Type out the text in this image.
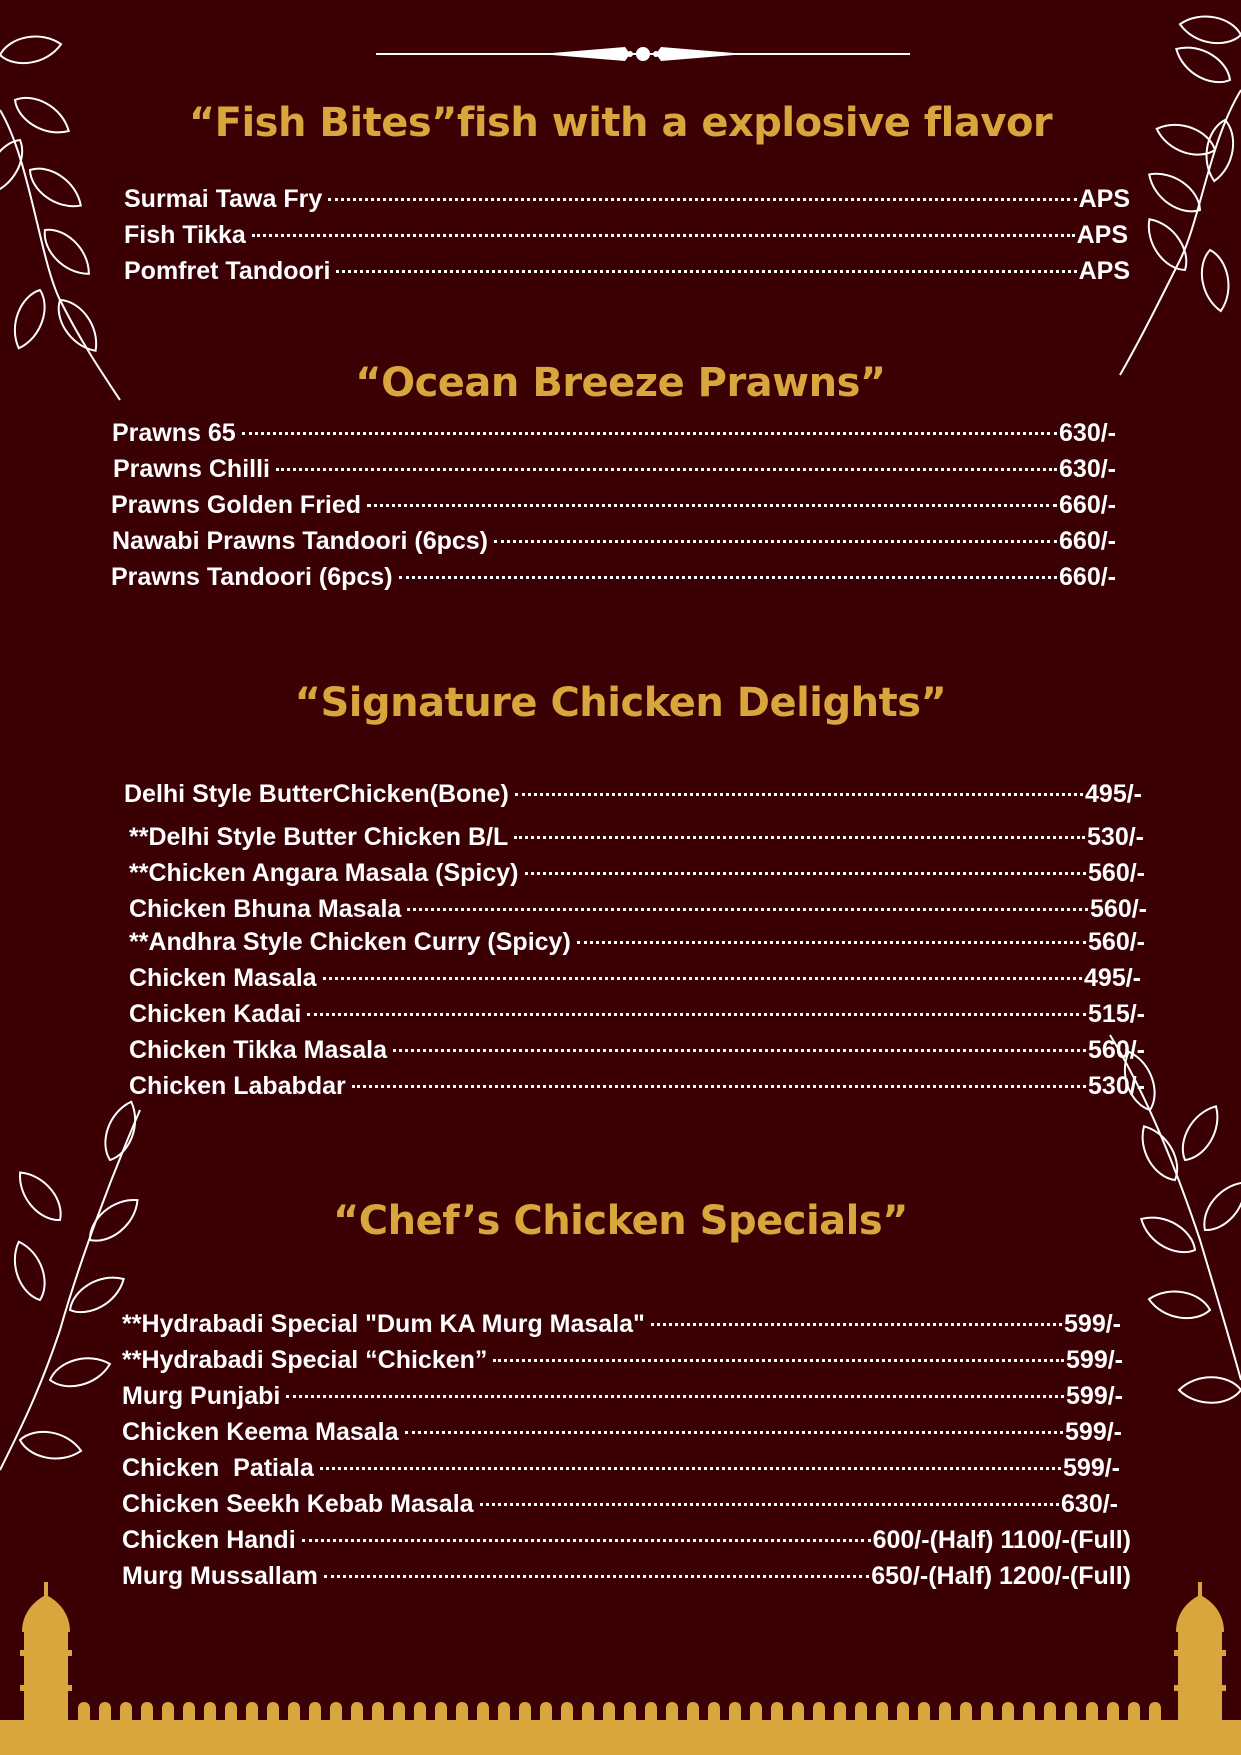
“Fish Bites”fish with a explosive flavor
Surmai Tawa Fry	APS
Fish Tikka	APS
Pomfret Tandoori	APS
“Ocean Breeze Prawns”
Prawns 65	630/-
Prawns Chilli	630/-
Prawns Golden Fried	660/-
Nawabi Prawns Tandoori (6pcs)	660/-
Prawns Tandoori (6pcs)	660/-
“Signature Chicken Delights”
Delhi Style ButterChicken(Bone)	495/-
**Delhi Style Butter Chicken B/L	530/-
**Chicken Angara Masala (Spicy)	560/-
Chicken Bhuna Masala	560/-
**Andhra Style Chicken Curry (Spicy)	560/-
Chicken Masala	495/-
Chicken Kadai	515/-
Chicken Tikka Masala	560/-
Chicken Lababdar	530/-
“Chef’s Chicken Specials”
**Hydrabadi Special "Dum KA Murg Masala"	599/-
**Hydrabadi Special “Chicken”	599/-
Murg Punjabi	599/-
Chicken Keema Masala	599/-
Chicken  Patiala	599/-
Chicken Seekh Kebab Masala	630/-
Chicken Handi	600/-(Half) 1100/-(Full)
Murg Mussallam	650/-(Half) 1200/-(Full)
